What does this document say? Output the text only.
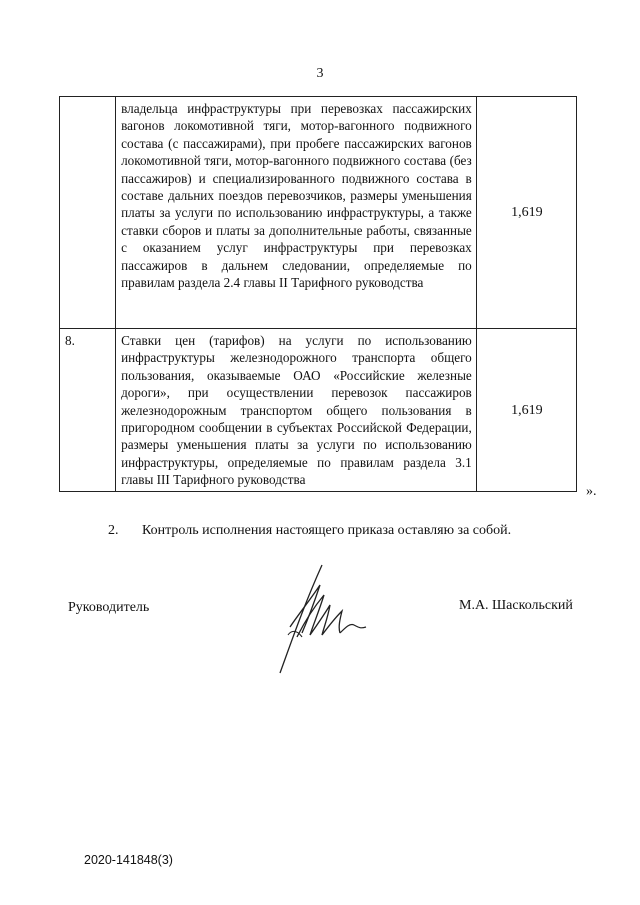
3
	владельца инфраструктуры при перевозках пассажирских вагонов локомотивной тяги, мотор-вагонного подвижного состава (с пассажирами), при пробеге пассажирских вагонов локомотивной тяги, мотор-вагонного подвижного состава (без пассажиров) и специализированного подвижного состава в составе дальних поездов перевозчиков, размеры уменьшения платы за услуги по использованию инфраструктуры, а также ставки сборов и платы за дополнительные работы, связанные с оказанием услуг инфраструктуры при перевозках пассажиров в дальнем следовании, определяемые по правилам раздела 2.4 главы II Тарифного руководства	1,619
8.	Ставки цен (тарифов) на услуги по использованию инфраструктуры железнодорожного транспорта общего пользования, оказываемые ОАО «Российские железные дороги», при осуществлении перевозок пассажиров железнодорожным транспортом общего пользования в пригородном сообщении в субъектах Российской Федерации, размеры уменьшения платы за услуги по использованию инфраструктуры, определяемые по правилам раздела 3.1 главы III Тарифного руководства	1,619
».
2. Контроль исполнения настоящего приказа оставляю за собой.
Руководитель	М.А. Шаскольский
2020-141848(3)
